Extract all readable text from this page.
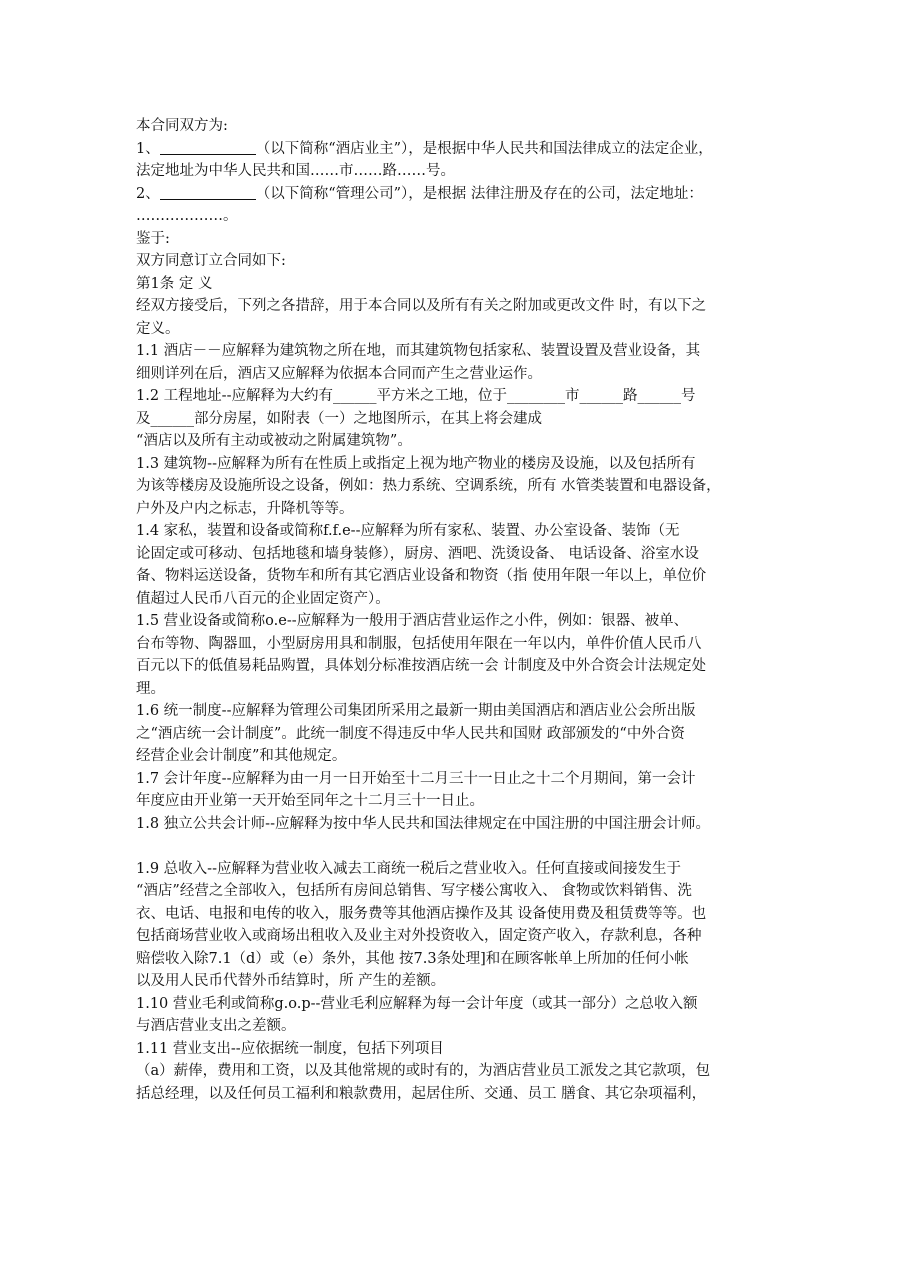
本合同双方为:
1、	（以下简称“酒店业主”），是根据中华人民共和国法律成立的法定企业，
法定地址为中华人民共和国……市……路……号。
2、	（以下简称“管理公司”），是根据 法律注册及存在的公司，法定地址：
………………。
鉴于:
双方同意订立合同如下:
第1条 定 义
经双方接受后，下列之各措辞，用于本合同以及所有有关之附加或更改文件 时，有以下之
定义。
1.1 酒店－－应解释为建筑物之所在地，而其建筑物包括家私、装置设置及营业设备，其
细则详列在后，酒店又应解释为依据本合同而产生之营业运作。
1.2 工程地址--应解释为大约有______平方米之工地，位于________市______路______号
及______部分房屋，如附表（一）之地图所示，在其上将会建成
“酒店以及所有主动或被动之附属建筑物”。
1.3 建筑物--应解释为所有在性质上或指定上视为地产物业的楼房及设施，以及包括所有
为该等楼房及设施所设之设备，例如：热力系统、空调系统，所有 水管类装置和电器设备，
户外及户内之标志，升降机等等。
1.4 家私，装置和设备或简称f.f.e--应解释为所有家私、装置、办公室设备、装饰（无
论固定或可移动、包括地毯和墙身装修），厨房、酒吧、洗烫设备、 电话设备、浴室水设
备、物料运送设备，货物车和所有其它酒店业设备和物资（指 使用年限一年以上，单位价
值超过人民币八百元的企业固定资产）。
1.5 营业设备或简称o.e--应解释为一般用于酒店营业运作之小件，例如：银器、被单、
台布等物、陶器皿，小型厨房用具和制服，包括使用年限在一年以内，单件价值人民币八
百元以下的低值易耗品购置，具体划分标准按酒店统一会 计制度及中外合资会计法规定处
理。
1.6 统一制度--应解释为管理公司集团所采用之最新一期由美国酒店和酒店业公会所出版
之“酒店统一会计制度”。此统一制度不得违反中华人民共和国财 政部颁发的“中外合资
经营企业会计制度”和其他规定。
1.7 会计年度--应解释为由一月一日开始至十二月三十一日止之十二个月期间，第一会计
年度应由开业第一天开始至同年之十二月三十一日止。
1.8 独立公共会计师--应解释为按中华人民共和国法律规定在中国注册的中国注册会计师。
1.9 总收入--应解释为营业收入减去工商统一税后之营业收入。任何直接或间接发生于
“酒店”经营之全部收入，包括所有房间总销售、写字楼公寓收入、 食物或饮料销售、洗
衣、电话、电报和电传的收入，服务费等其他酒店操作及其 设备使用费及租赁费等等。也
包括商场营业收入或商场出租收入及业主对外投资收入，固定资产收入，存款利息，各种
赔偿收入除7.1（d）或（e）条外，其他 按7.3条处理]和在顾客帐单上所加的任何小帐
以及用人民币代替外币结算时，所 产生的差额。
1.10 营业毛利或简称g.o.p--营业毛利应解释为每一会计年度（或其一部分）之总收入额
与酒店营业支出之差额。
1.11 营业支出--应依据统一制度，包括下列项目
（a）薪俸，费用和工资，以及其他常规的或时有的，为酒店营业员工派发之其它款项，包
括总经理，以及任何员工福利和粮款费用，起居住所、交通、员工 膳食、其它杂项福利，
